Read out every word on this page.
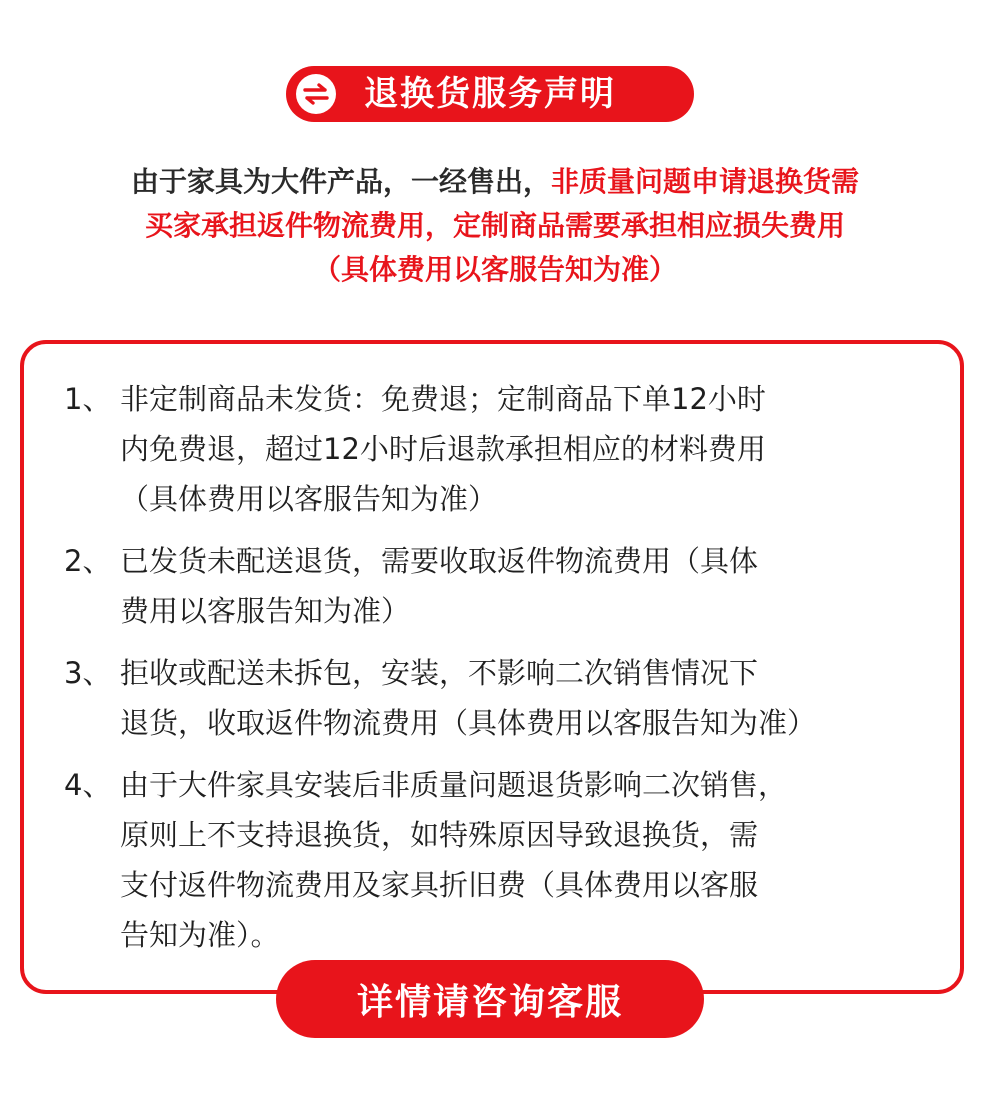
退换货服务声明
由于家具为大件产品，一经售出，非质量问题申请退换货需
买家承担返件物流费用，定制商品需要承担相应损失费用
（具体费用以客服告知为准）
1、 非定制商品未发货：免费退；定制商品下单12小时
内免费退，超过12小时后退款承担相应的材料费用
（具体费用以客服告知为准）
2、 已发货未配送退货，需要收取返件物流费用（具体
费用以客服告知为准）
3、 拒收或配送未拆包，安装，不影响二次销售情况下
退货，收取返件物流费用（具体费用以客服告知为准）
4、 由于大件家具安装后非质量问题退货影响二次销售，
原则上不支持退换货，如特殊原因导致退换货，需
支付返件物流费用及家具折旧费（具体费用以客服
告知为准）。
详情请咨询客服
